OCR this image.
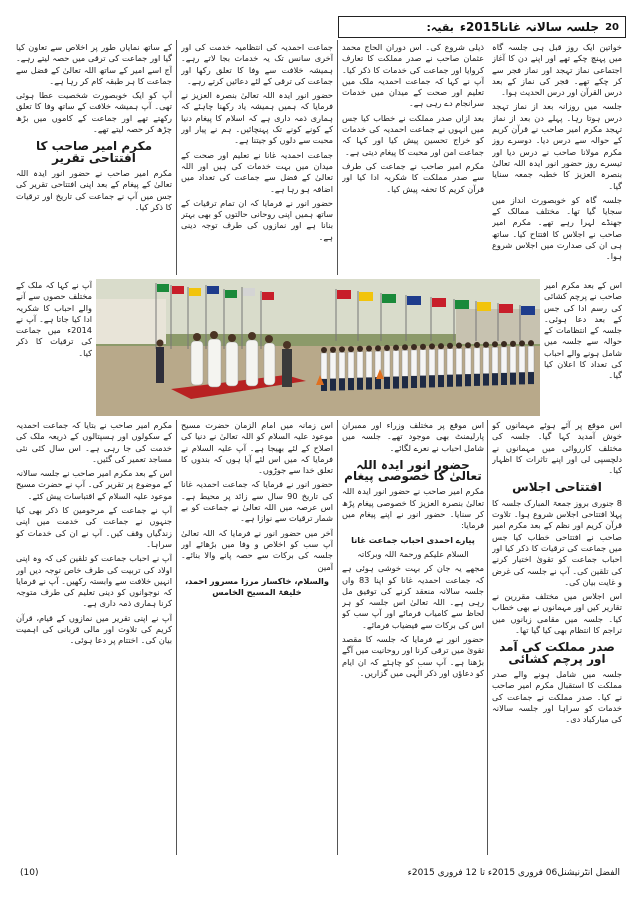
20
جلسہ سالانہ غانا2015ء
بقیہ:

خواتین ایک روز قبل ہی جلسہ گاہ میں پہنچ چکے تھے اور اپنے دن کا آغاز اجتماعی نماز تہجد اور نماز فجر سے کر چکے تھے۔ فجر کی نماز کے بعد درس القرآن اور درس الحدیث ہوا۔

جلسہ میں روزانہ بعد از نماز تہجد درس ہوتا رہا۔ پہلے دن بعد از نماز تہجد مکرم امیر صاحب نے قرآن کریم کے حوالہ سے درس دیا۔ دوسرے روز مکرم مولانا صاحب نے درس دیا اور تیسرے روز حضور انور ایدہ اللہ تعالیٰ بنصرہ العزیز کا خطبہ جمعہ سنایا گیا۔

جلسہ گاہ کو خوبصورت انداز میں سجایا گیا تھا۔ مختلف ممالک کے جھنڈے لہرا رہے تھے۔ مکرم امیر صاحب نے اجلاس کا افتتاح کیا۔ ساتھ ہی ان کی صدارت میں اجلاس شروع ہوا۔

اس کے بعد مکرم امیر صاحب نے پرچم کشائی کی رسم ادا کی جس کے بعد دعا ہوئی۔ جلسہ کے انتظامات کے حوالہ سے جلسہ میں شامل ہونے والے احباب کی تعداد کا اعلان کیا گیا۔

اس موقع پر آئے ہوئے مہمانوں کو خوش آمدید کہا گیا۔ جلسہ کی مختلف کارروائی میں مہمانوں نے دلچسپی لی اور اپنے تاثرات کا اظہار کیا۔

افتتاحی اجلاس

8 جنوری بروز جمعۃ المبارک جلسہ کا پہلا افتتاحی اجلاس شروع ہوا۔ تلاوت قرآن کریم اور نظم کے بعد مکرم امیر صاحب نے افتتاحی خطاب کیا جس میں جماعت کی ترقیات کا ذکر کیا اور احباب جماعت کو تقویٰ اختیار کرنے کی تلقین کی۔ آپ نے جلسہ کی غرض و غایت بیان کی۔

اس اجلاس میں مختلف مقررین نے تقاریر کیں اور مہمانوں نے بھی خطاب کیا۔ جلسہ میں مقامی زبانوں میں تراجم کا انتظام بھی کیا گیا تھا۔

صدر مملکت کی آمد اور پرچم کشائی

جلسہ میں شامل ہونے والے صدر مملکت کا استقبال مکرم امیر صاحب نے کیا۔ صدر مملکت نے جماعت کی خدمات کو سراہا اور جلسہ سالانہ کی مبارکباد دی۔

ذیلی شروع کی۔ اس دوران الحاج محمد عثمان صاحب نے صدر مملکت کا تعارف کروایا اور جماعت کی خدمات کا ذکر کیا۔ آپ نے کہا کہ جماعت احمدیہ ملک میں تعلیم اور صحت کے میدان میں خدمات سرانجام دے رہی ہے۔

بعد ازاں صدر مملکت نے خطاب کیا جس میں انہوں نے جماعت احمدیہ کی خدمات کو خراج تحسین پیش کیا اور کہا کہ جماعت امن اور محبت کا پیغام دیتی ہے۔

مکرم امیر صاحب نے جماعت کی طرف سے صدر مملکت کا شکریہ ادا کیا اور قرآن کریم کا تحفہ پیش کیا۔

اس موقع پر مختلف وزراء اور ممبران پارلیمنٹ بھی موجود تھے۔ جلسہ میں شامل احباب نے نعرے لگائے۔

حضور انور ایدہ اللہ تعالیٰ کا خصوصی پیغام

مکرم امیر صاحب نے حضور انور ایدہ اللہ تعالیٰ بنصرہ العزیز کا خصوصی پیغام پڑھ کر سنایا۔ حضور انور نے اپنے پیغام میں فرمایا:

پیارے احمدی احباب جماعت غانا

السلام علیکم ورحمۃ اللہ وبرکاتہ

مجھے یہ جان کر بہت خوشی ہوئی ہے کہ جماعت احمدیہ غانا کو اپنا 83 واں جلسہ سالانہ منعقد کرنے کی توفیق مل رہی ہے۔ اللہ تعالیٰ اس جلسہ کو ہر لحاظ سے کامیاب فرمائے اور آپ سب کو اس کی برکات سے فیضیاب فرمائے۔

حضور انور نے فرمایا کہ جلسہ کا مقصد تقویٰ میں ترقی کرنا اور روحانیت میں آگے بڑھنا ہے۔ آپ سب کو چاہئے کہ ان ایام کو دعاؤں اور ذکر الٰہی میں گزاریں۔

جماعت احمدیہ کی انتظامیہ خدمت کی اور آخری سانس تک یہ خدمات بجا لاتے رہے۔ ہمیشہ خلافت سے وفا کا تعلق رکھا اور جماعت کی ترقی کے لئے دعائیں کرتے رہے۔

حضور انور ایدہ اللہ تعالیٰ بنصرہ العزیز نے فرمایا کہ ہمیں ہمیشہ یاد رکھنا چاہئے کہ ہماری ذمہ داری ہے کہ اسلام کا پیغام دنیا کے کونے کونے تک پہنچائیں۔ ہم نے پیار اور محبت سے دلوں کو جیتنا ہے۔

جماعت احمدیہ غانا نے تعلیم اور صحت کے میدان میں بہت خدمات کی ہیں اور اللہ تعالیٰ کے فضل سے جماعت کی تعداد میں اضافہ ہو رہا ہے۔

حضور انور نے فرمایا کہ ان تمام ترقیات کے ساتھ ہمیں اپنی روحانی حالتوں کو بھی بہتر بنانا ہے اور نمازوں کی طرف توجہ دینی ہے۔

اس زمانہ میں امام الزمان حضرت مسیح موعود علیہ السلام کو اللہ تعالیٰ نے دنیا کی اصلاح کے لئے بھیجا ہے۔ آپ علیہ السلام نے فرمایا کہ میں اس لئے آیا ہوں کہ بندوں کا تعلق خدا سے جوڑوں۔

حضور انور نے فرمایا کہ جماعت احمدیہ غانا کی تاریخ 90 سال سے زائد پر محیط ہے۔ اس عرصہ میں اللہ تعالیٰ نے جماعت کو بے شمار ترقیات سے نوازا ہے۔

آخر میں حضور انور نے فرمایا کہ اللہ تعالیٰ آپ سب کو اخلاص و وفا میں بڑھائے اور جلسہ کی برکات سے حصہ پانے والا بنائے۔ آمین

والسلام، خاکسار مرزا مسرور احمد، خلیفۃ المسیح الخامس

کے ساتھ نمایاں طور پر اخلاص سے تعاون کیا گیا اور جماعت کی ترقی میں حصہ لیتے رہے۔ آج اسے امیر کے ساتھ اللہ تعالیٰ کے فضل سے جماعت کا ہر طبقہ کام کر رہا ہے۔

آپ کو ایک خوبصورت شخصیت عطا ہوئی تھی۔ آپ ہمیشہ خلافت کے ساتھ وفا کا تعلق رکھتے تھے اور جماعت کے کاموں میں بڑھ چڑھ کر حصہ لیتے تھے۔

مکرم امیر صاحب کا افتتاحی تقریر

مکرم امیر صاحب نے حضور انور ایدہ اللہ تعالیٰ کے پیغام کے بعد اپنی افتتاحی تقریر کی جس میں آپ نے جماعت کی تاریخ اور ترقیات کا ذکر کیا۔

آپ نے کہا کہ ملک کے مختلف حصوں سے آنے والے احباب کا شکریہ ادا کیا جاتا ہے۔ آپ نے 2014ء میں جماعت کی ترقیات کا ذکر کیا۔

مکرم امیر صاحب نے بتایا کہ جماعت احمدیہ کے سکولوں اور ہسپتالوں کے ذریعہ ملک کی خدمت کی جا رہی ہے۔ اس سال کئی نئی مساجد تعمیر کی گئیں۔

اس کے بعد مکرم امیر صاحب نے جلسہ سالانہ کے موضوع پر تقریر کی۔ آپ نے حضرت مسیح موعود علیہ السلام کے اقتباسات پیش کئے۔

آپ نے جماعت کے مرحومین کا ذکر بھی کیا جنہوں نے جماعت کی خدمت میں اپنی زندگیاں وقف کیں۔ آپ نے ان کی خدمات کو سراہا۔

آپ نے احباب جماعت کو تلقین کی کہ وہ اپنی اولاد کی تربیت کی طرف خاص توجہ دیں اور انہیں خلافت سے وابستہ رکھیں۔ آپ نے فرمایا کہ نوجوانوں کو دینی تعلیم کی طرف متوجہ کرنا ہماری ذمہ داری ہے۔

آپ نے اپنی تقریر میں نمازوں کے قیام، قرآن کریم کی تلاوت اور مالی قربانی کی اہمیت بیان کی۔ اختتام پر دعا ہوئی۔

الفضل انٹرنیشنل06 فروری 2015ء تا 12 فروری 2015ء
(10)
